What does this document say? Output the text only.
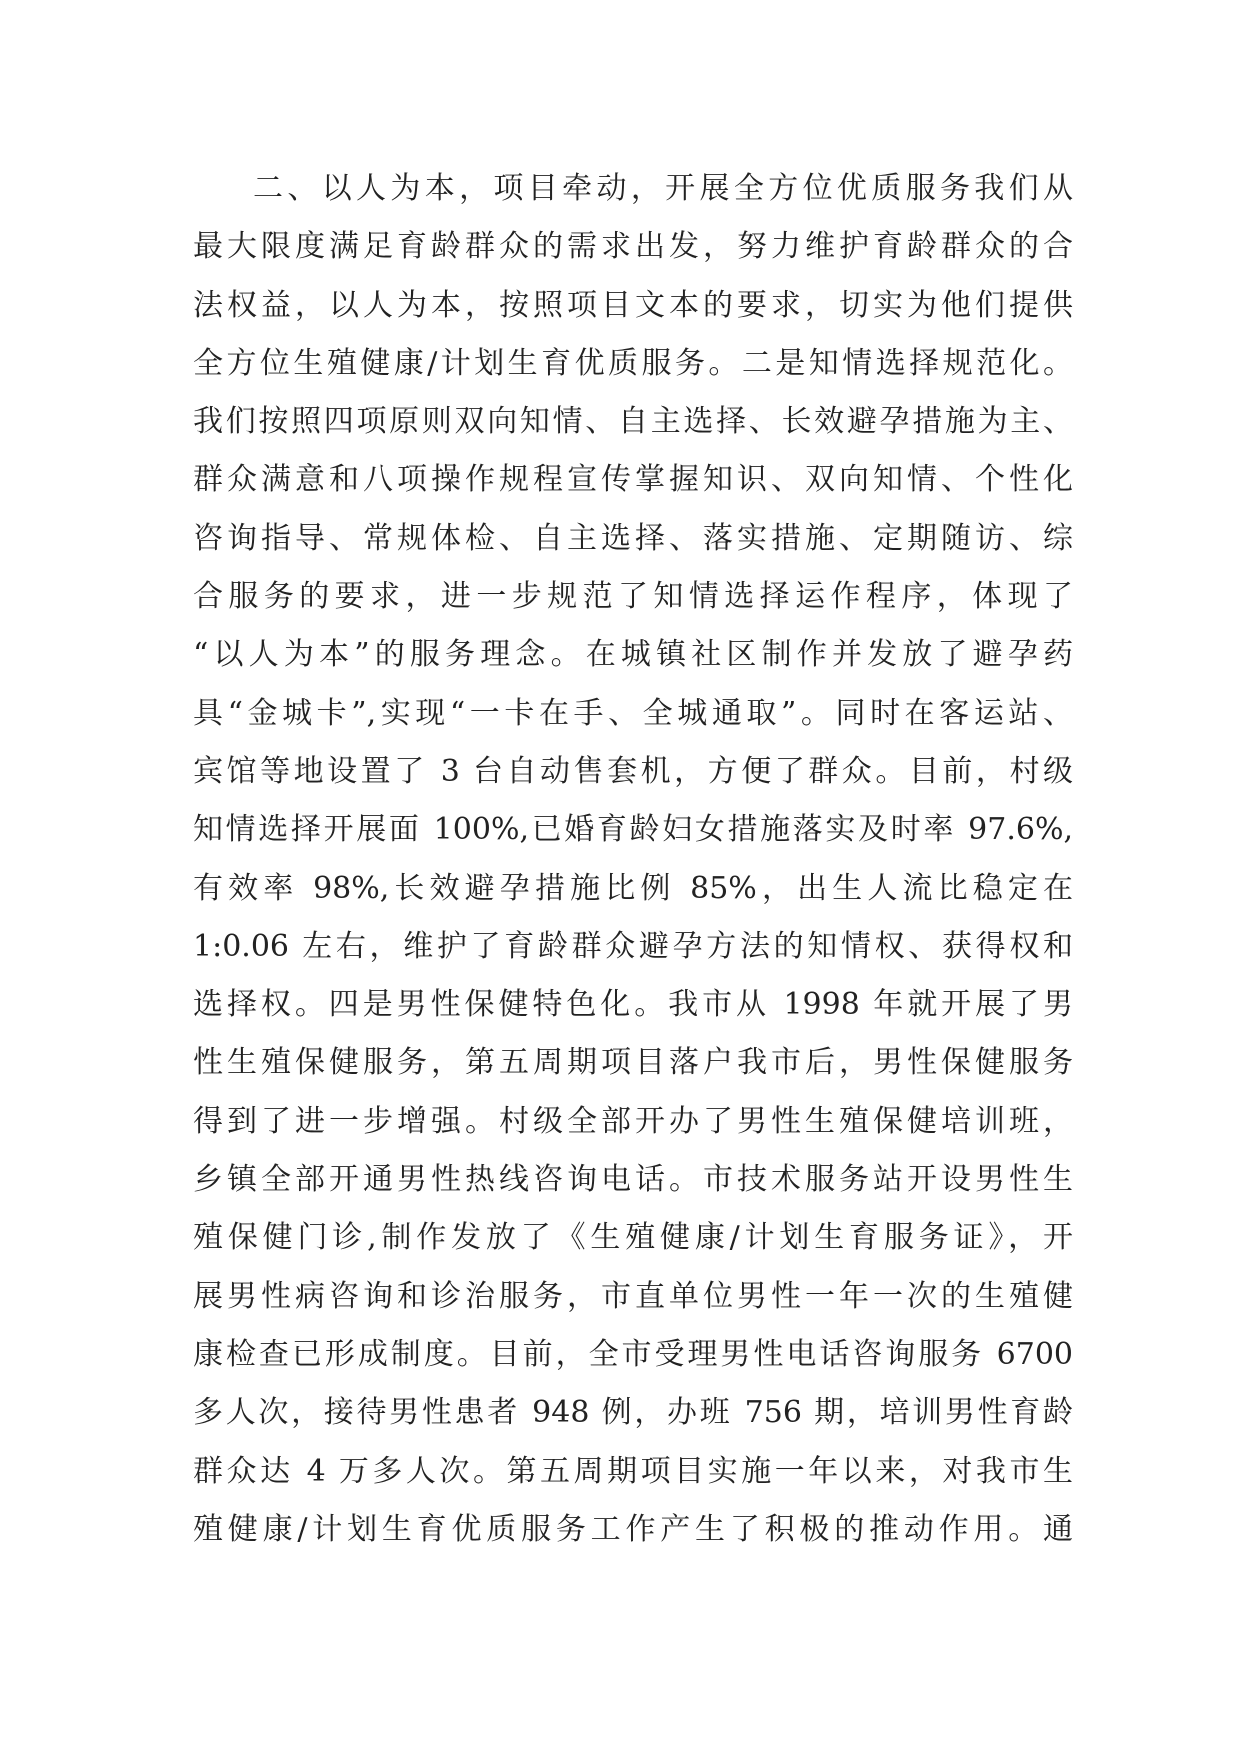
二、以人为本，项目牵动，开展全方位优质服务我们从
最大限度满足育龄群众的需求出发，努力维护育龄群众的合
法权益，以人为本，按照项目文本的要求，切实为他们提供
全方位生殖健康/计划生育优质服务。二是知情选择规范化。
我们按照四项原则双向知情、自主选择、长效避孕措施为主、
群众满意和八项操作规程宣传掌握知识、双向知情、个性化
咨询指导、常规体检、自主选择、落实措施、定期随访、综
合服务的要求，进一步规范了知情选择运作程序，体现了
“以人为本”的服务理念。在城镇社区制作并发放了避孕药
具“金城卡”,实现“一卡在手、全城通取”。同时在客运站、
宾馆等地设置了 3 台自动售套机，方便了群众。目前，村级
知情选择开展面 100%,已婚育龄妇女措施落实及时率 97.6%,
有效率 98%,长效避孕措施比例 85%，出生人流比稳定在
1:0.06 左右，维护了育龄群众避孕方法的知情权、获得权和
选择权。四是男性保健特色化。我市从 1998 年就开展了男
性生殖保健服务，第五周期项目落户我市后，男性保健服务
得到了进一步增强。村级全部开办了男性生殖保健培训班，
乡镇全部开通男性热线咨询电话。市技术服务站开设男性生
殖保健门诊,制作发放了《生殖健康/计划生育服务证》，开
展男性病咨询和诊治服务，市直单位男性一年一次的生殖健
康检查已形成制度。目前，全市受理男性电话咨询服务 6700
多人次，接待男性患者 948 例，办班 756 期，培训男性育龄
群众达 4 万多人次。第五周期项目实施一年以来，对我市生
殖健康/计划生育优质服务工作产生了积极的推动作用。通
